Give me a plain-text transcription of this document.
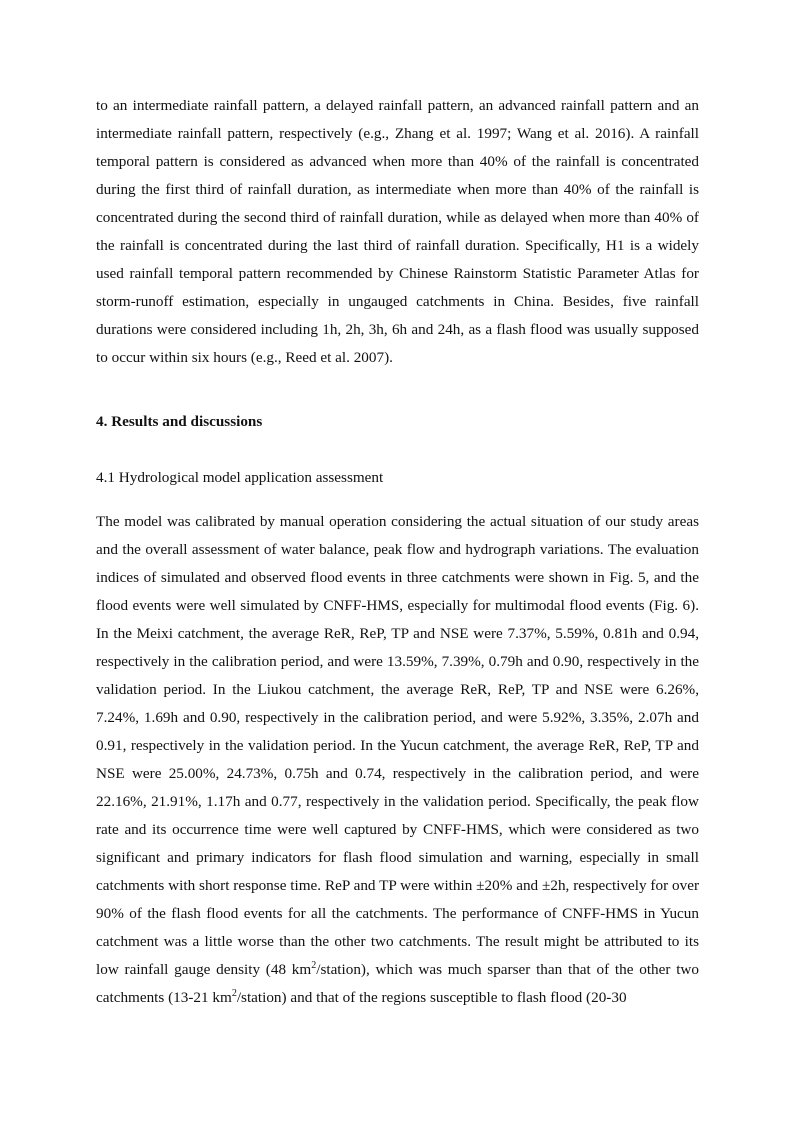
to an intermediate rainfall pattern, a delayed rainfall pattern, an advanced rainfall pattern and an intermediate rainfall pattern, respectively (e.g., Zhang et al. 1997; Wang et al. 2016). A rainfall temporal pattern is considered as advanced when more than 40% of the rainfall is concentrated during the first third of rainfall duration, as intermediate when more than 40% of the rainfall is concentrated during the second third of rainfall duration, while as delayed when more than 40% of the rainfall is concentrated during the last third of rainfall duration. Specifically, H1 is a widely used rainfall temporal pattern recommended by Chinese Rainstorm Statistic Parameter Atlas for storm-runoff estimation, especially in ungauged catchments in China. Besides, five rainfall durations were considered including 1h, 2h, 3h, 6h and 24h, as a flash flood was usually supposed to occur within six hours (e.g., Reed et al. 2007).

4. Results and discussions

4.1 Hydrological model application assessment

The model was calibrated by manual operation considering the actual situation of our study areas and the overall assessment of water balance, peak flow and hydrograph variations. The evaluation indices of simulated and observed flood events in three catchments were shown in Fig. 5, and the flood events were well simulated by CNFF-HMS, especially for multimodal flood events (Fig. 6). In the Meixi catchment, the average ReR, ReP, TP and NSE were 7.37%, 5.59%, 0.81h and 0.94, respectively in the calibration period, and were 13.59%, 7.39%, 0.79h and 0.90, respectively in the validation period. In the Liukou catchment, the average ReR, ReP, TP and NSE were 6.26%, 7.24%, 1.69h and 0.90, respectively in the calibration period, and were 5.92%, 3.35%, 2.07h and 0.91, respectively in the validation period. In the Yucun catchment, the average ReR, ReP, TP and NSE were 25.00%, 24.73%, 0.75h and 0.74, respectively in the calibration period, and were 22.16%, 21.91%, 1.17h and 0.77, respectively in the validation period. Specifically, the peak flow rate and its occurrence time were well captured by CNFF-HMS, which were considered as two significant and primary indicators for flash flood simulation and warning, especially in small catchments with short response time. ReP and TP were within ±20% and ±2h, respectively for over 90% of the flash flood events for all the catchments. The performance of CNFF-HMS in Yucun catchment was a little worse than the other two catchments. The result might be attributed to its low rainfall gauge density (48 $km^2/station$), which was much sparser than that of the other two catchments (13-21 $km^2/station$) and that of the regions susceptible to flash flood (20-30
